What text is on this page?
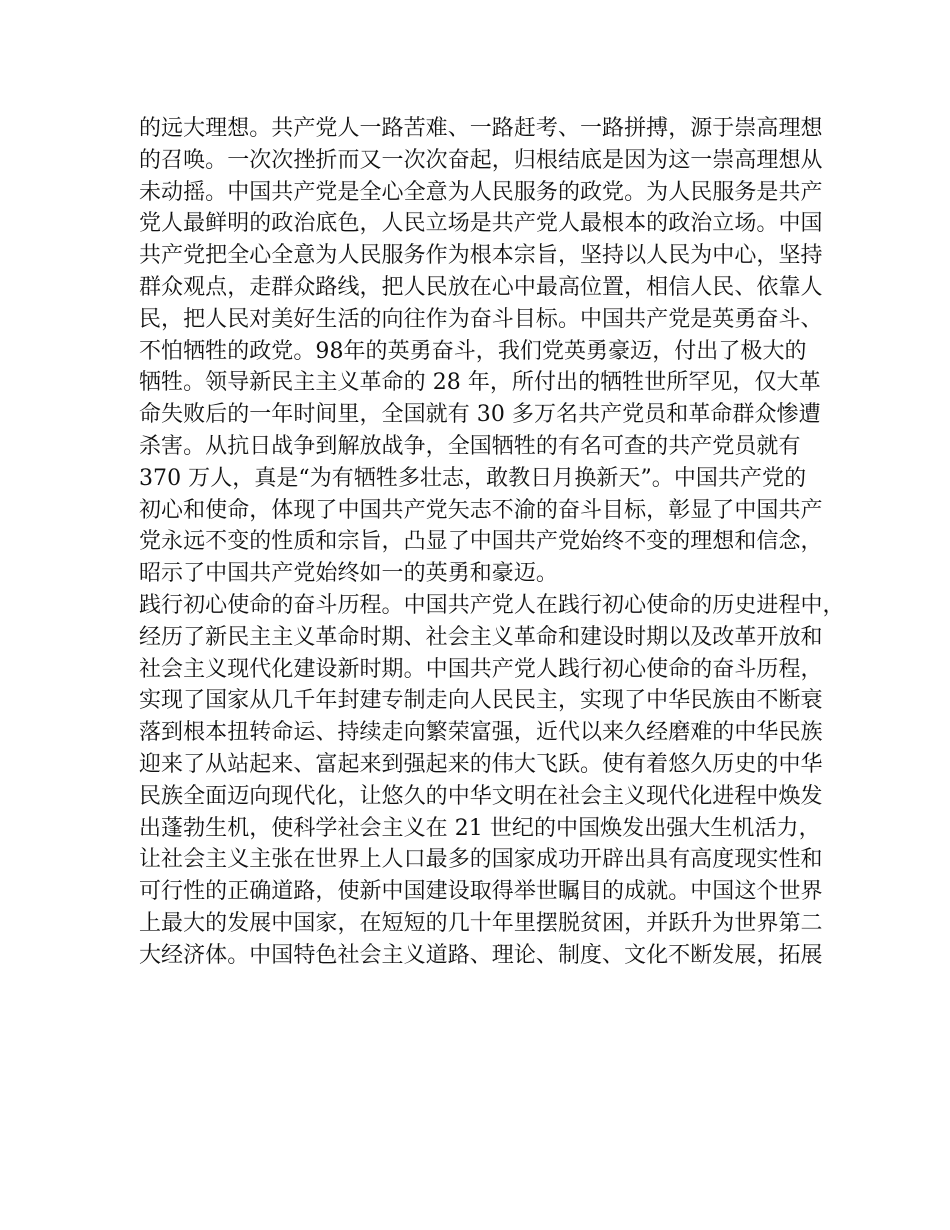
的远大理想。共产党人一路苦难、一路赶考、一路拼搏，源于崇高理想
的召唤。一次次挫折而又一次次奋起，归根结底是因为这一崇高理想从
未动摇。中国共产党是全心全意为人民服务的政党。为人民服务是共产
党人最鲜明的政治底色，人民立场是共产党人最根本的政治立场。中国
共产党把全心全意为人民服务作为根本宗旨，坚持以人民为中心，坚持
群众观点，走群众路线，把人民放在心中最高位置，相信人民、依靠人
民，把人民对美好生活的向往作为奋斗目标。中国共产党是英勇奋斗、
不怕牺牲的政党。98年的英勇奋斗，我们党英勇豪迈，付出了极大的
牺牲。领导新民主主义革命的 28 年，所付出的牺牲世所罕见，仅大革
命失败后的一年时间里，全国就有 30 多万名共产党员和革命群众惨遭
杀害。从抗日战争到解放战争，全国牺牲的有名可查的共产党员就有
370 万人，真是“为有牺牲多壮志，敢教日月换新天”。中国共产党的
初心和使命，体现了中国共产党矢志不渝的奋斗目标，彰显了中国共产
党永远不变的性质和宗旨，凸显了中国共产党始终不变的理想和信念，
昭示了中国共产党始终如一的英勇和豪迈。
践行初心使命的奋斗历程。中国共产党人在践行初心使命的历史进程中，
经历了新民主主义革命时期、社会主义革命和建设时期以及改革开放和
社会主义现代化建设新时期。中国共产党人践行初心使命的奋斗历程，
实现了国家从几千年封建专制走向人民民主，实现了中华民族由不断衰
落到根本扭转命运、持续走向繁荣富强，近代以来久经磨难的中华民族
迎来了从站起来、富起来到强起来的伟大飞跃。使有着悠久历史的中华
民族全面迈向现代化，让悠久的中华文明在社会主义现代化进程中焕发
出蓬勃生机，使科学社会主义在 21 世纪的中国焕发出强大生机活力，
让社会主义主张在世界上人口最多的国家成功开辟出具有高度现实性和
可行性的正确道路，使新中国建设取得举世瞩目的成就。中国这个世界
上最大的发展中国家，在短短的几十年里摆脱贫困，并跃升为世界第二
大经济体。中国特色社会主义道路、理论、制度、文化不断发展，拓展
